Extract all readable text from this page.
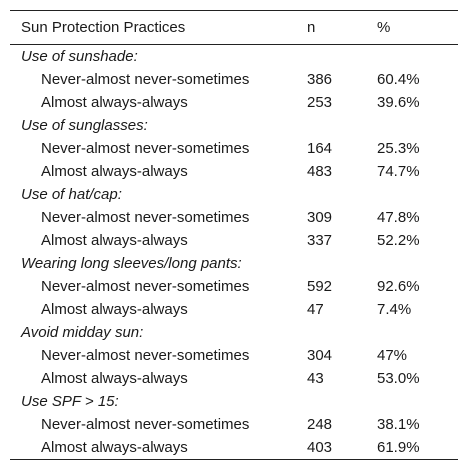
Sun Protection Practices	n	%
Use of sunshade:
Never-almost never-sometimes	386	60.4%
Almost always-always	253	39.6%
Use of sunglasses:
Never-almost never-sometimes	164	25.3%
Almost always-always	483	74.7%
Use of hat/cap:
Never-almost never-sometimes	309	47.8%
Almost always-always	337	52.2%
Wearing long sleeves/long pants:
Never-almost never-sometimes	592	92.6%
Almost always-always	47	7.4%
Avoid midday sun:
Never-almost never-sometimes	304	47%
Almost always-always	43	53.0%
Use SPF > 15:
Never-almost never-sometimes	248	38.1%
Almost always-always	403	61.9%
